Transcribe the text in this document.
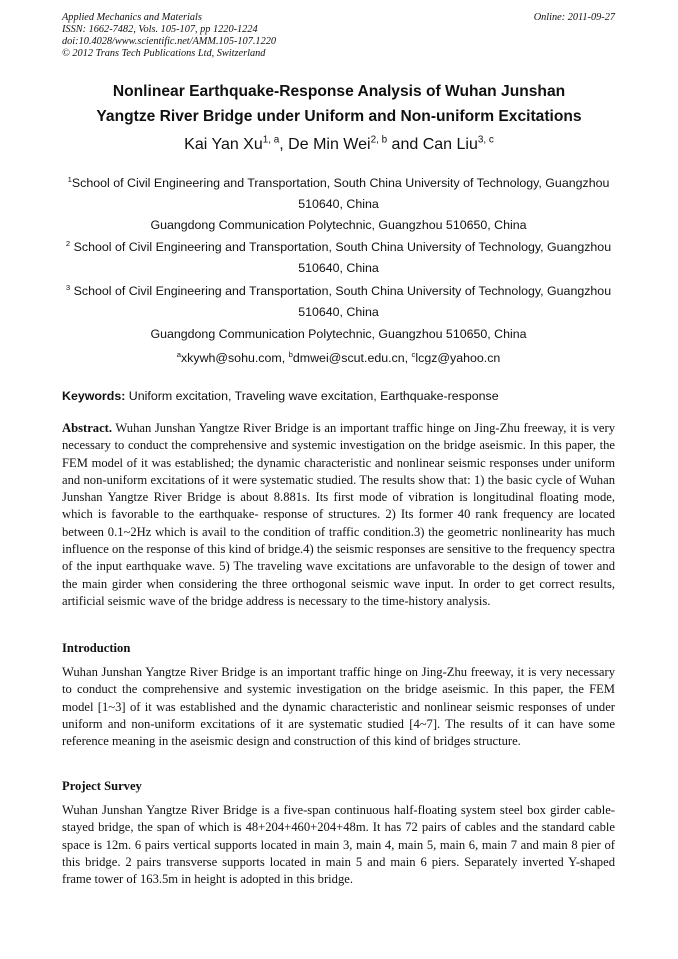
Applied Mechanics and Materials
ISSN: 1662-7482, Vols. 105-107, pp 1220-1224
doi:10.4028/www.scientific.net/AMM.105-107.1220
© 2012 Trans Tech Publications Ltd, Switzerland
Online: 2011-09-27
Nonlinear Earthquake-Response Analysis of Wuhan Junshan
Yangtze River Bridge under Uniform and Non-uniform Excitations
Kai Yan Xu$^{1, a}$, De Min Wei$^{2, b}$ and Can Liu$^{3, c}$
$^1$School of Civil Engineering and Transportation, South China University of Technology, Guangzhou
510640, China
Guangdong Communication Polytechnic, Guangzhou 510650, China
$^2$ School of Civil Engineering and Transportation, South China University of Technology, Guangzhou
510640, China
$^3$ School of Civil Engineering and Transportation, South China University of Technology, Guangzhou
510640, China
Guangdong Communication Polytechnic, Guangzhou 510650, China
$^a$xkywh@sohu.com, $^b$dmwei@scut.edu.cn, $^c$lcgz@yahoo.cn
Keywords: Uniform excitation, Traveling wave excitation, Earthquake-response
Abstract. Wuhan Junshan Yangtze River Bridge is an important traffic hinge on Jing-Zhu freeway, it is very necessary to conduct the comprehensive and systemic investigation on the bridge aseismic. In this paper, the FEM model of it was established; the dynamic characteristic and nonlinear seismic responses under uniform and non-uniform excitations of it were systematic studied. The results show that: 1) the basic cycle of Wuhan Junshan Yangtze River Bridge is about 8.881s. Its first mode of vibration is longitudinal floating mode, which is favorable to the earthquake- response of structures. 2) Its former 40 rank frequency are located between 0.1~2Hz which is avail to the condition of traffic condition.3) the geometric nonlinearity has much influence on the response of this kind of bridge.4) the seismic responses are sensitive to the frequency spectra of the input earthquake wave. 5) The traveling wave excitations are unfavorable to the design of tower and the main girder when considering the three orthogonal seismic wave input. In order to get correct results, artificial seismic wave of the bridge address is necessary to the time-history analysis.
Introduction
Wuhan Junshan Yangtze River Bridge is an important traffic hinge on Jing-Zhu freeway, it is very necessary to conduct the comprehensive and systemic investigation on the bridge aseismic. In this paper, the FEM model [1~3] of it was established and the dynamic characteristic and nonlinear seismic responses of under uniform and non-uniform excitations of it are systematic studied [4~7]. The results of it can have some reference meaning in the aseismic design and construction of this kind of bridges structure.
Project Survey
Wuhan Junshan Yangtze River Bridge is a five-span continuous half-floating system steel box girder cable-stayed bridge, the span of which is 48+204+460+204+48m. It has 72 pairs of cables and the standard cable space is 12m. 6 pairs vertical supports located in main 3, main 4, main 5, main 6, main 7 and main 8 pier of this bridge. 2 pairs transverse supports located in main 5 and main 6 piers. Separately inverted Y-shaped frame tower of 163.5m in height is adopted in this bridge.
